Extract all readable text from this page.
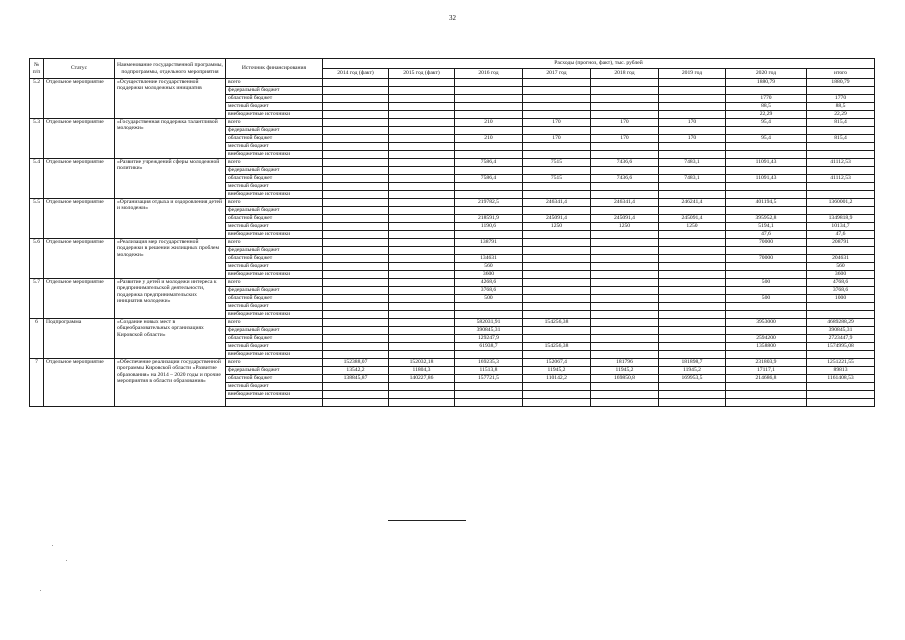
32
№ п/п	Статус	Наименование государственной программы, подпрограммы, отдельного мероприятия	Источник финансирования	Расходы (прогноз, факт), тыс. рублей							
				2014 год (факт)	2015 год (факт)	2016 год	2017 год	2018 год	2019 год	2020 год	итого
5.2	Отдельное мероприятие	«Осуществление государственной поддержки молодежных инициатив	всего							1880,79	1880,79
			федеральный бюджет								
			областной бюджет							1770	1770
			местный бюджет							88,5	88,5
			внебюджетные источники							22,29	22,29
5.3	Отдельное мероприятие	«Государственная поддержка талантливой молодежи»	всего			210	170	170	170	95,4	815,4
			федеральный бюджет								
			областной бюджет			210	170	170	170	95,4	815,4
			местный бюджет								
			внебюджетные источники								
5.4	Отдельное мероприятие	«Развитие учреждений сферы молодежной политики»	всего			7586,4	7515	7436,6	7483,1	11091,43	41112,53
			федеральный бюджет								
			областной бюджет			7586,4	7515	7436,6	7483,1	11091,43	41112,53
			местный бюджет								
			внебюджетные источники								
5.5	Отдельное мероприятие	«Организация отдыха и оздоровления детей и молодежи»	всего			219782,5	246341,4	246341,4	246241,4	401194,5	1360001,2
			федеральный бюджет								
			областной бюджет			218591,9	245091,4	245091,4	245091,4	395952,8	1349818,9
			местный бюджет			1190,6	1250	1250	1250	5194,1	10134,7
			внебюджетные источники							47,6	47,6
5.6	Отдельное мероприятие	«Реализация мер государственной поддержки в решении жилищных проблем молодежи»	всего			138791				70000	208791
			федеральный бюджет								
			областной бюджет			134631				70000	204631
			местный бюджет			560					560
			внебюджетные источники			3600					3600
5.7	Отдельное мероприятие	«Развитие у детей и молодежи интереса к предпринимательской деятельности, поддержка предпринимательских инициатив молодежи»	всего			4268,6				500	4768,6
			федеральный бюджет			3768,6					3768,6
			областной бюджет			500				500	1000
			местный бюджет								
			внебюджетные источники								
6	Подпрограмма	«Создание новых мест в общеобразовательных организациях Кировской области»	всего			582031,91	154256,38			3953000	4689288,29
			федеральный бюджет			390845,31					390845,31
			областной бюджет			129247,9				2594200	2723447,9
			местный бюджет			61938,7	154256,38			1358800	1574995,08
			внебюджетные источники								
7	Отдельное мероприятие	«Обеспечение реализации государственной программы Кировской области «Развитие образования» на 2014 – 2020 годы и прочие мероприятия в области образования»	всего	152388,07	152032,18	169235,3	152067,4	181796	181898,7	231803,9	1251221,55
			федеральный бюджет	13542,2	11804,3	11513,8	11945,2	11945,2	11945,2	17117,1	89813
			областной бюджет	138845,87	140227,86	157721,5	110142,2	169850,8	169953,5	214686,8	1161408,53
			местный бюджет								
			внебюджетные источники								
